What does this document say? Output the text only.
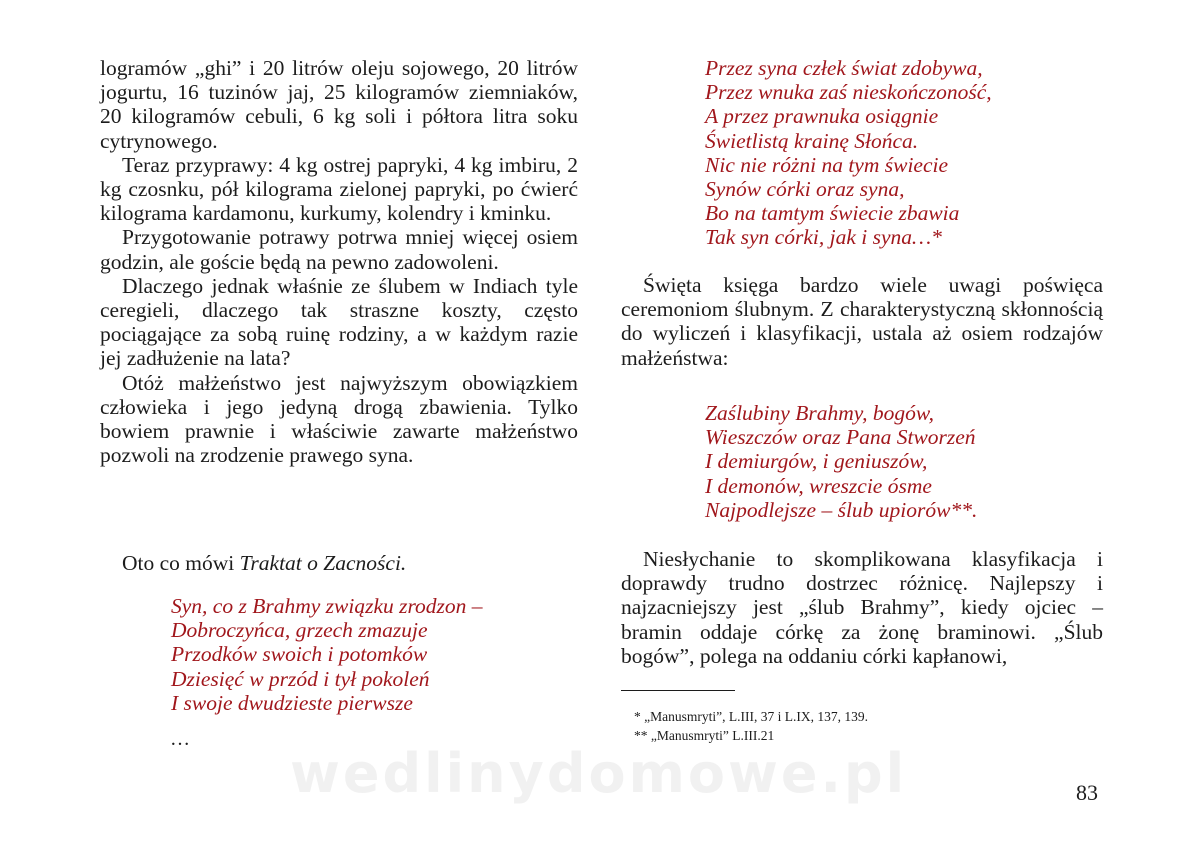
logramów „ghi” i 20 litrów oleju sojowego, 20 litrów jogurtu, 16 tuzinów jaj, 25 kilogramów ziemniaków, 20 kilogramów cebuli, 6 kg soli i półtora litra soku cytrynowego.

Teraz przyprawy: 4 kg ostrej papryki, 4 kg imbiru, 2 kg czosnku, pół kilograma zielonej papryki, po ćwierć kilograma kardamonu, kurkumy, kolendry i kminku.

Przygotowanie potrawy potrwa mniej więcej osiem godzin, ale goście będą na pewno zadowoleni.

Dlaczego jednak właśnie ze ślubem w Indiach tyle ceregieli, dlaczego tak straszne koszty, często pociągające za sobą ruinę rodziny, a w każdym razie jej zadłużenie na lata?

Otóż małżeństwo jest najwyższym obowiązkiem człowieka i jego jedyną drogą zbawienia. Tylko bowiem prawnie i właściwie zawarte małżeństwo pozwoli na zrodzenie prawego syna.

Oto co mówi Traktat o Zacności.
Syn, co z Brahmy związku zrodzon –
Dobroczyńca, grzech zmazuje
Przodków swoich i potomków
Dziesięć w przód i tył pokoleń
I swoje dwudzieste pierwsze
…
Przez syna człek świat zdobywa,
Przez wnuka zaś nieskończoność,
A przez prawnuka osiągnie
Świetlistą krainę Słońca.
Nic nie różni na tym świecie
Synów córki oraz syna,
Bo na tamtym świecie zbawia
Tak syn córki, jak i syna…*

Święta księga bardzo wiele uwagi poświęca ceremoniom ślubnym. Z charakterystyczną skłonnością do wyliczeń i klasyfikacji, ustala aż osiem rodzajów małżeństwa:

Zaślubiny Brahmy, bogów,
Wieszczów oraz Pana Stworzeń
I demiurgów, i geniuszów,
I demonów, wreszcie ósme
Najpodlejsze – ślub upiorów**.

Niesłychanie to skomplikowana klasyfikacja i doprawdy trudno dostrzec różnicę. Najlepszy i najzacniejszy jest „ślub Brahmy”, kiedy ojciec – bramin oddaje córkę za żonę braminowi. „Ślub bogów”, polega na oddaniu córki kapłanowi,

* „Manusmryti”, L.III, 37 i L.IX, 137, 139.
** „Manusmryti” L.III.21
wedlinydomowe.pl	83
